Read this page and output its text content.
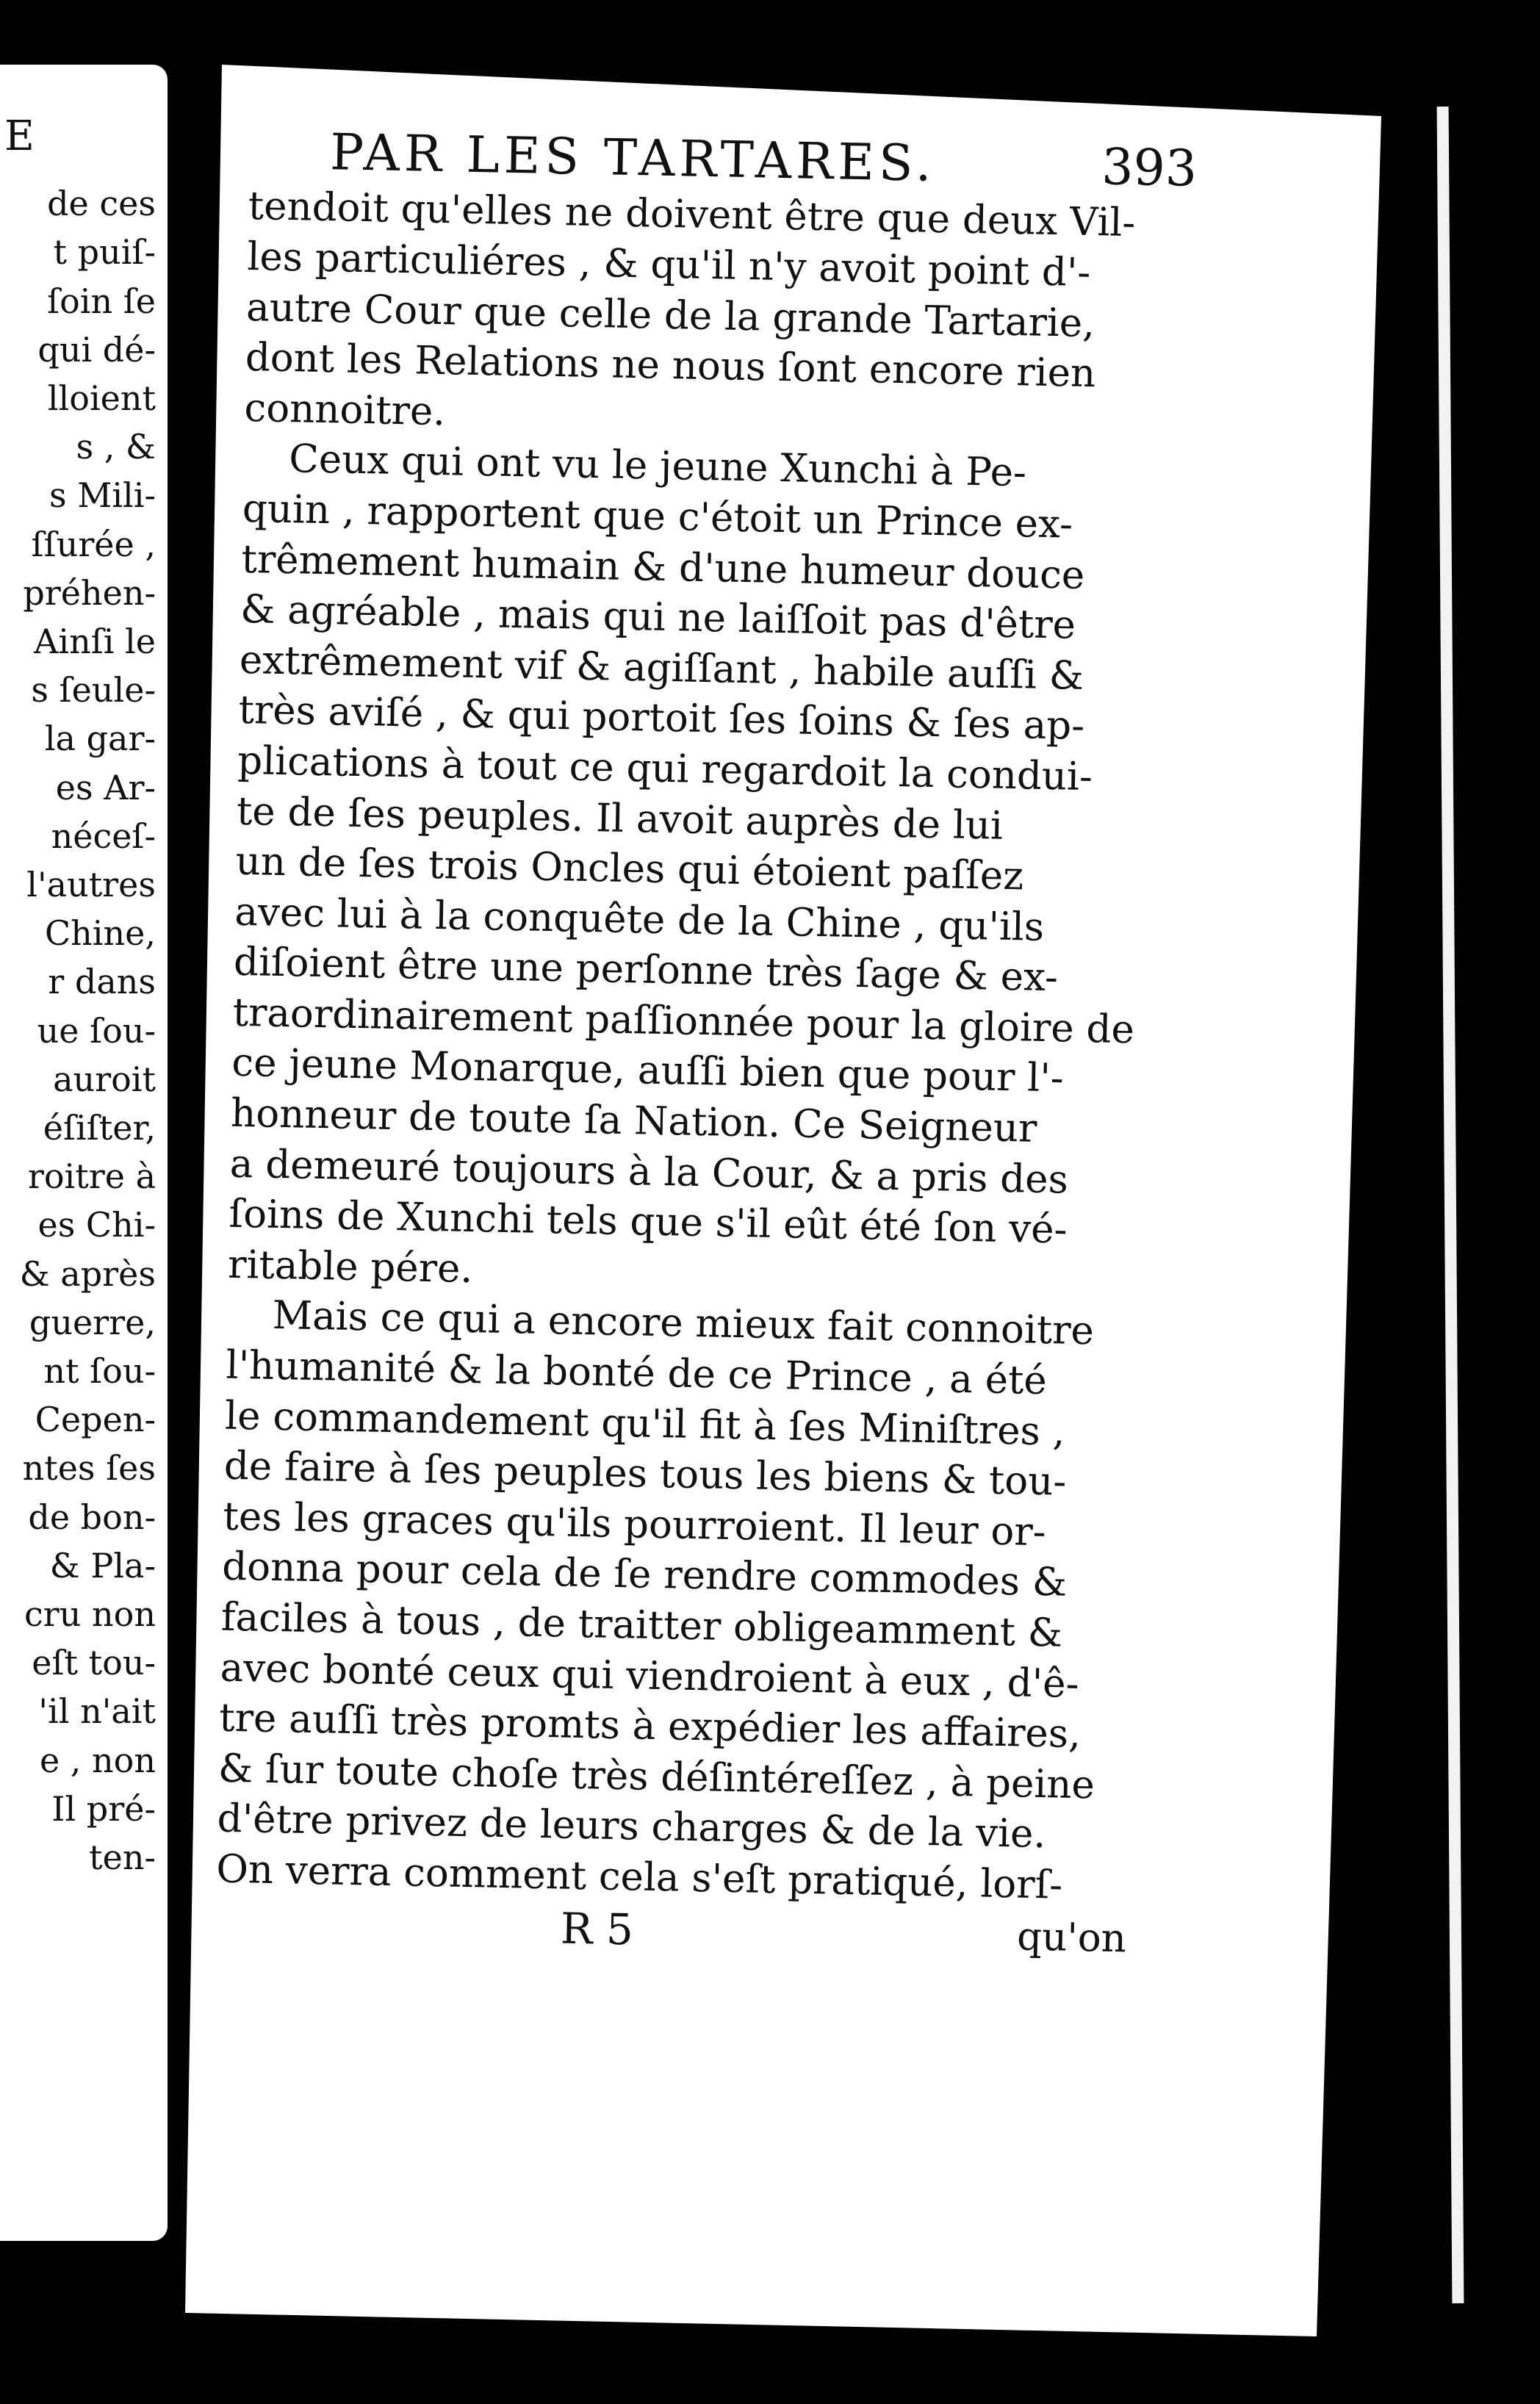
E
de ces
t puiſ-
ſoin ſe
qui dé-
lloient
s , &
s Mili-
ſſurée ,
préhen-
Ainſi le
s ſeule-
la gar-
es Ar-
néceſ-
l'autres
Chine,
r dans
ue ſou-
auroit
éſiſter,
roitre à
es Chi-
& après
guerre,
nt ſou-
Cepen-
ntes ſes
de bon-
& Pla-
cru non
eſt tou-
'il n'ait
e , non
Il pré-
ten-
PAR LES TARTARES.	393

tendoit qu'elles ne doivent être que deux Vil-
les particuliéres , & qu'il n'y avoit point d'-
autre Cour que celle de la grande Tartarie,
dont les Relations ne nous ſont encore rien
connoitre.

Ceux qui ont vu le jeune Xunchi à Pe-
quin , rapportent que c'étoit un Prince ex-
trêmement humain & d'une humeur douce
& agréable , mais qui ne laiſſoit pas d'être
extrêmement vif & agiſſant , habile auſſi &
très aviſé , & qui portoit ſes ſoins & ſes ap-
plications à tout ce qui regardoit la condui-
te de ſes peuples. Il avoit auprès de lui
un de ſes trois Oncles qui étoient paſſez
avec lui à la conquête de la Chine , qu'ils
diſoient être une perſonne très ſage & ex-
traordinairement paſſionnée pour la gloire de
ce jeune Monarque, auſſi bien que pour l'-
honneur de toute ſa Nation. Ce Seigneur
a demeuré toujours à la Cour, & a pris des
ſoins de Xunchi tels que s'il eût été ſon vé-
ritable pére.

Mais ce qui a encore mieux fait connoitre
l'humanité & la bonté de ce Prince , a été
le commandement qu'il fit à ſes Miniſtres ,
de faire à ſes peuples tous les biens & tou-
tes les graces qu'ils pourroient. Il leur or-
donna pour cela de ſe rendre commodes &
faciles à tous , de traitter obligeamment &
avec bonté ceux qui viendroient à eux , d'ê-
tre auſſi très promts à expédier les affaires,
& ſur toute choſe très déſintéreſſez , à peine
d'être privez de leurs charges & de la vie.
On verra comment cela s'eſt pratiqué, lorſ-

R 5	qu'on
